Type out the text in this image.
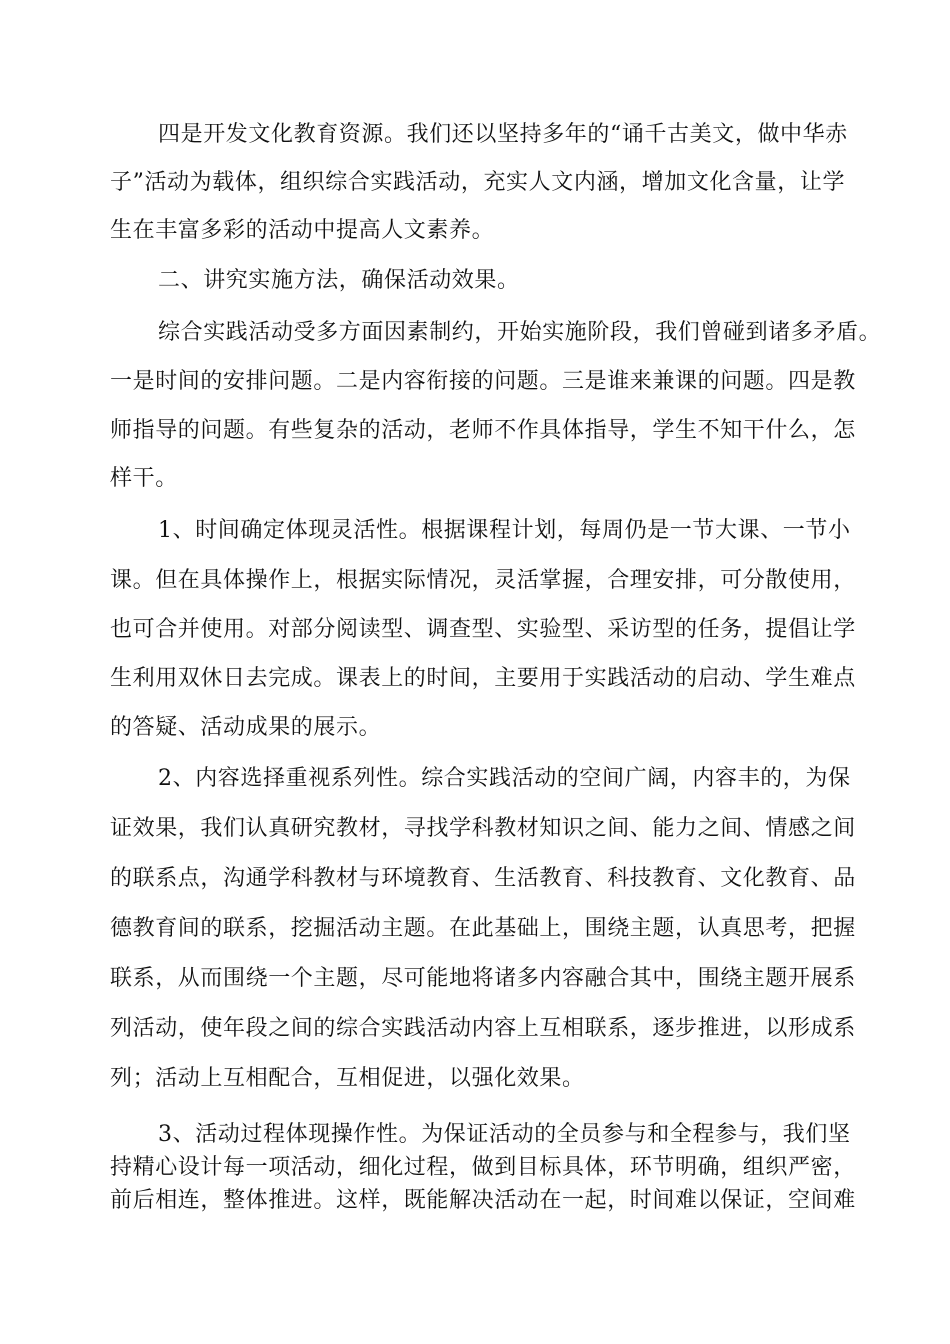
四是开发文化教育资源。我们还以坚持多年的“诵千古美文，做中华赤
子”活动为载体，组织综合实践活动，充实人文内涵，增加文化含量，让学
生在丰富多彩的活动中提高人文素养。
二、讲究实施方法，确保活动效果。
综合实践活动受多方面因素制约，开始实施阶段，我们曾碰到诸多矛盾。
一是时间的安排问题。二是内容衔接的问题。三是谁来兼课的问题。四是教
师指导的问题。有些复杂的活动，老师不作具体指导，学生不知干什么，怎
样干。
1、时间确定体现灵活性。根据课程计划，每周仍是一节大课、一节小
课。但在具体操作上，根据实际情况，灵活掌握，合理安排，可分散使用，
也可合并使用。对部分阅读型、调查型、实验型、采访型的任务，提倡让学
生利用双休日去完成。课表上的时间，主要用于实践活动的启动、学生难点
的答疑、活动成果的展示。
2、内容选择重视系列性。综合实践活动的空间广阔，内容丰的，为保
证效果，我们认真研究教材，寻找学科教材知识之间、能力之间、情感之间
的联系点，沟通学科教材与环境教育、生活教育、科技教育、文化教育、品
德教育间的联系，挖掘活动主题。在此基础上，围绕主题，认真思考，把握
联系，从而围绕一个主题，尽可能地将诸多内容融合其中，围绕主题开展系
列活动，使年段之间的综合实践活动内容上互相联系，逐步推进，以形成系
列；活动上互相配合，互相促进，以强化效果。
3、活动过程体现操作性。为保证活动的全员参与和全程参与，我们坚
持精心设计每一项活动，细化过程，做到目标具体，环节明确，组织严密，
前后相连，整体推进。这样，既能解决活动在一起，时间难以保证，空间难
